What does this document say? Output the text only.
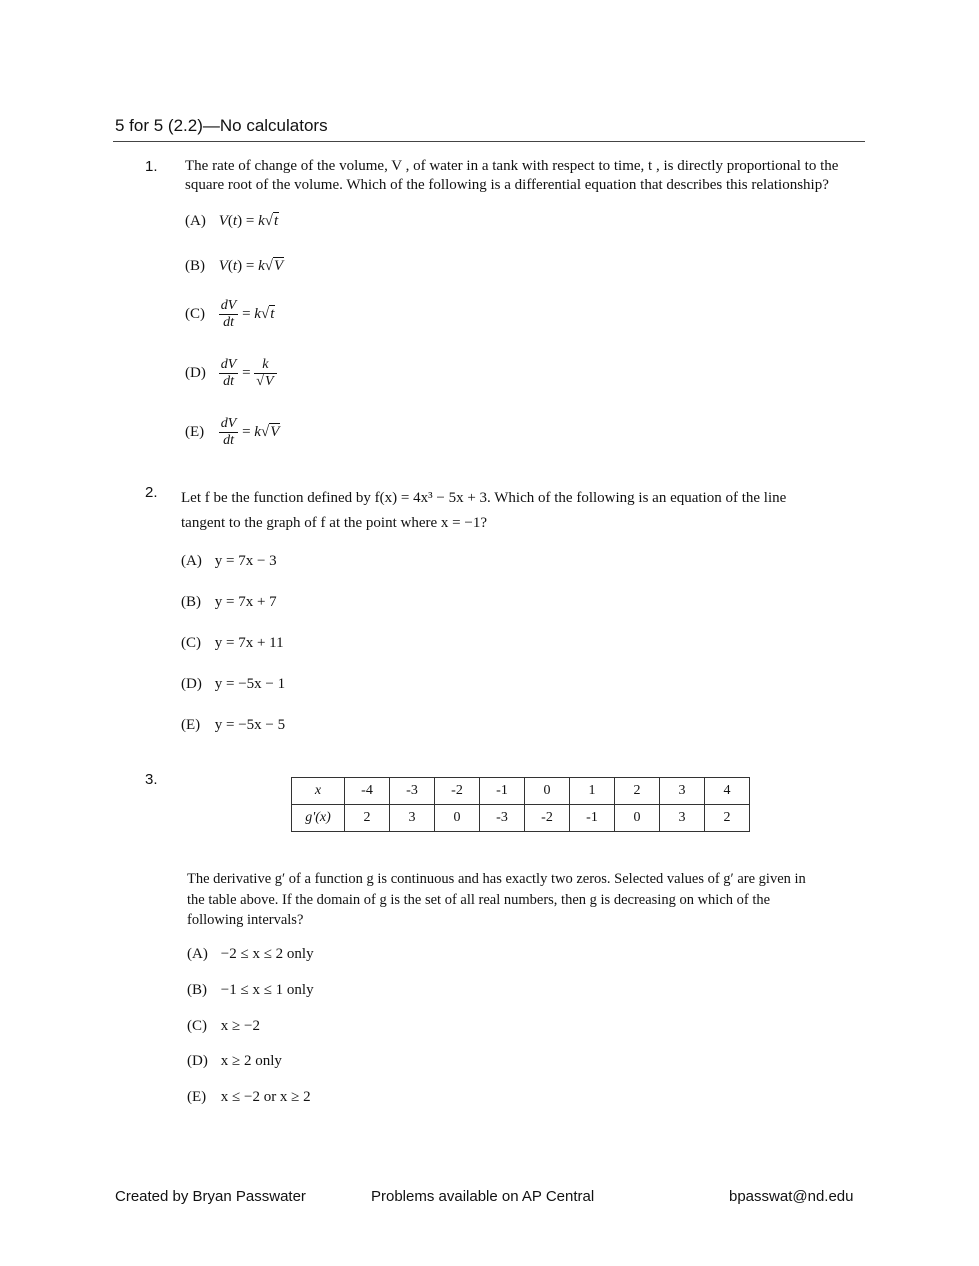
5 for 5 (2.2)—No calculators
1. The rate of change of the volume, V , of water in a tank with respect to time, t , is directly proportional to the
square root of the volume. Which of the following is a differential equation that describes this relationship?
(A) V(t) = k√t
(B) V(t) = k√V
$(C) \frac{dV}{dt} = k√t$
$(D) \frac{dV}{dt} = \frac{k}{√V}$
$(E) \frac{dV}{dt} = k√V$
2. Let f be the function defined by f(x) = 4x³ − 5x + 3. Which of the following is an equation of the line
tangent to the graph of f at the point where x = −1?
(A) y = 7x − 3
(B) y = 7x + 7
(C) y = 7x + 11
(D) y = −5x − 1
(E) y = −5x − 5
3.
x	-4	-3	-2	-1	0	1	2	3	4
g'(x)	2	3	0	-3	-2	-1	0	3	2
The derivative g′ of a function g is continuous and has exactly two zeros. Selected values of g′ are given in
the table above. If the domain of g is the set of all real numbers, then g is decreasing on which of the
following intervals?
(A) −2 ≤ x ≤ 2 only
(B) −1 ≤ x ≤ 1 only
(C) x ≥ −2
(D) x ≥ 2 only
(E) x ≤ −2 or x ≥ 2
Created by Bryan Passwater	Problems available on AP Central	bpasswat@nd.edu
